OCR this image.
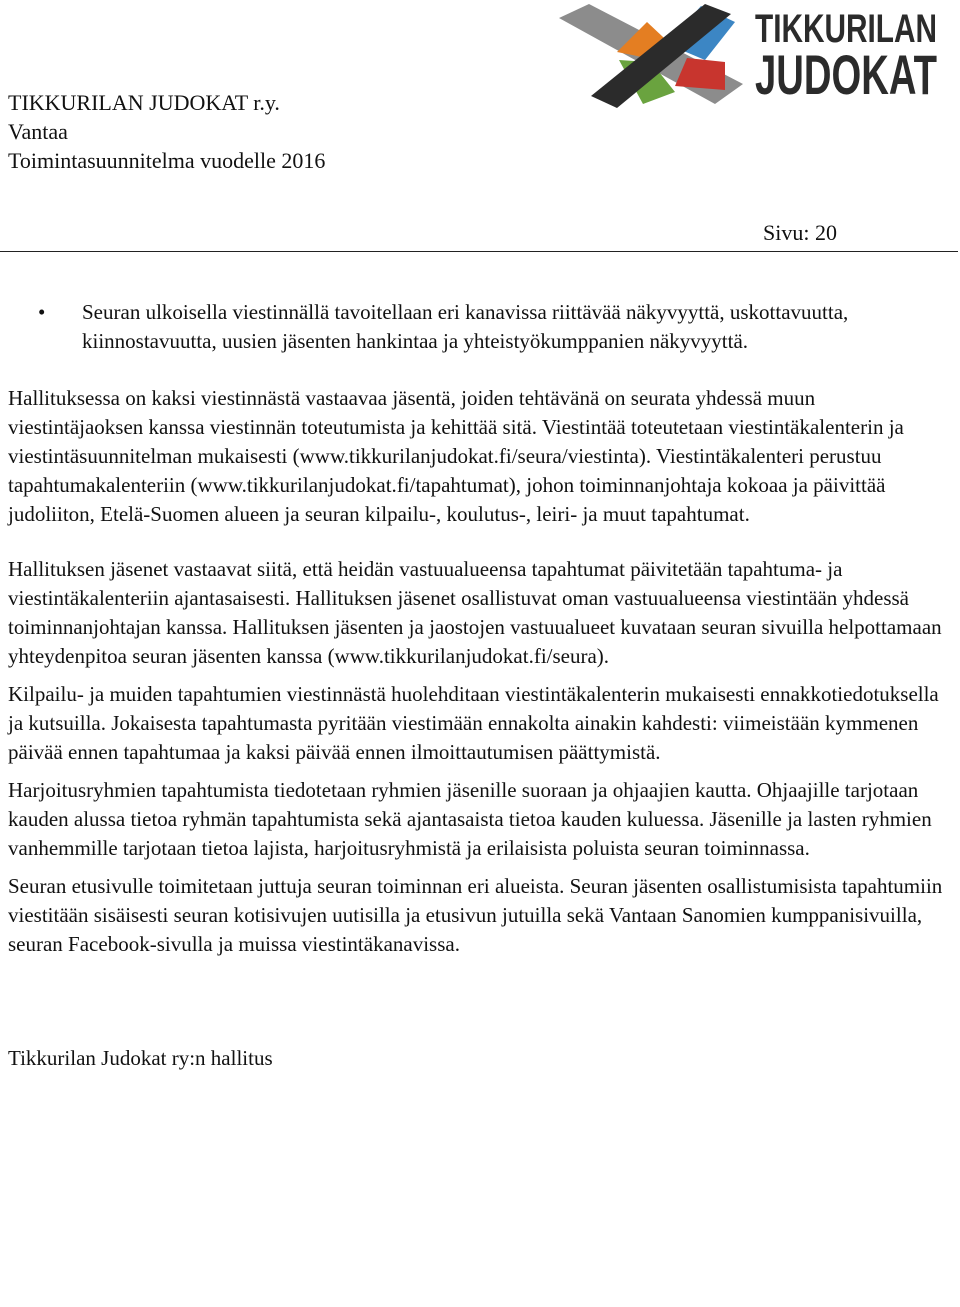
TIKKURILAN JUDOKAT r.y.
Vantaa
Toimintasuunnitelma vuodelle 2016
TIKKURILAN
JUDOKAT
Sivu: 20
• Seuran ulkoisella viestinnällä tavoitellaan eri kanavissa riittävää näkyvyyttä, uskottavuutta, kiinnostavuutta, uusien jäsenten hankintaa ja yhteistyökumppanien näkyvyyttä.

Hallituksessa on kaksi viestinnästä vastaavaa jäsentä, joiden tehtävänä on seurata yhdessä muun viestintäjaoksen kanssa viestinnän toteutumista ja kehittää sitä. Viestintää toteutetaan viestintäkalenterin ja viestintäsuunnitelman mukaisesti (www.tikkurilanjudokat.fi/seura/viestinta). Viestintäkalenteri perustuu tapahtumakalenteriin (www.tikkurilanjudokat.fi/tapahtumat), johon toiminnanjohtaja kokoaa ja päivittää judoliiton, Etelä-Suomen alueen ja seuran kilpailu-, koulutus-, leiri- ja muut tapahtumat.

Hallituksen jäsenet vastaavat siitä, että heidän vastuualueensa tapahtumat päivitetään tapahtuma- ja viestintäkalenteriin ajantasaisesti. Hallituksen jäsenet osallistuvat oman vastuualueensa viestintään yhdessä toiminnanjohtajan kanssa. Hallituksen jäsenten ja jaostojen vastuualueet kuvataan seuran sivuilla helpottamaan yhteydenpitoa seuran jäsenten kanssa (www.tikkurilanjudokat.fi/seura).

Kilpailu- ja muiden tapahtumien viestinnästä huolehditaan viestintäkalenterin mukaisesti ennakkotiedotuksella ja kutsuilla. Jokaisesta tapahtumasta pyritään viestimään ennakolta ainakin kahdesti: viimeistään kymmenen päivää ennen tapahtumaa ja kaksi päivää ennen ilmoittautumisen päättymistä.

Harjoitusryhmien tapahtumista tiedotetaan ryhmien jäsenille suoraan ja ohjaajien kautta. Ohjaajille tarjotaan kauden alussa tietoa ryhmän tapahtumista sekä ajantasaista tietoa kauden kuluessa. Jäsenille ja lasten ryhmien vanhemmille tarjotaan tietoa lajista, harjoitusryhmistä ja erilaisista poluista seuran toiminnassa.

Seuran etusivulle toimitetaan juttuja seuran toiminnan eri alueista. Seuran jäsenten osallistumisista tapahtumiin viestitään sisäisesti seuran kotisivujen uutisilla ja etusivun jutuilla sekä Vantaan Sanomien kumppanisivuilla, seuran Facebook-sivulla ja muissa viestintäkanavissa.

Tikkurilan Judokat ry:n hallitus
